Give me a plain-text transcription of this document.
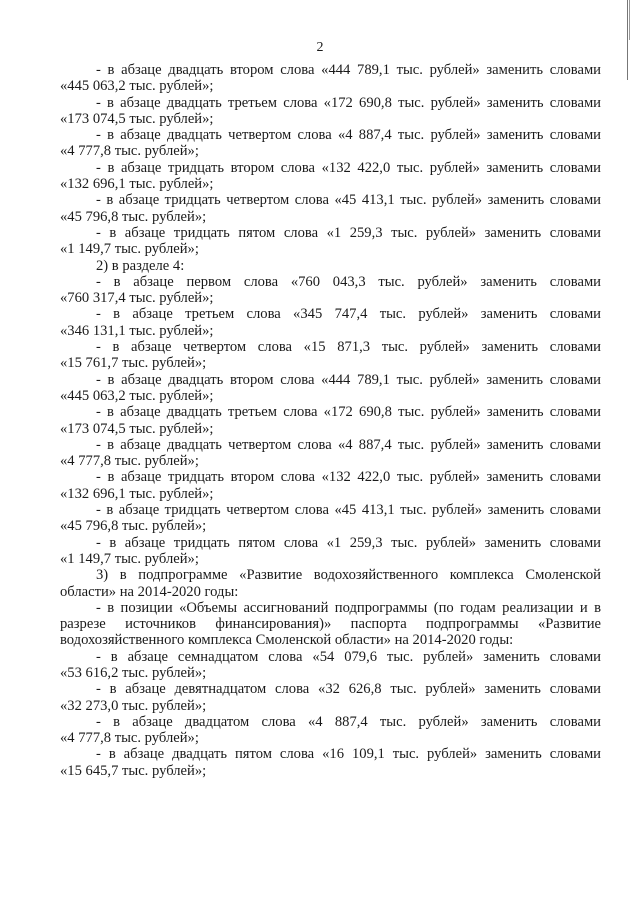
2
- в абзаце двадцать втором слова «444 789,1 тыс. рублей» заменить словами
«445 063,2 тыс. рублей»;
- в абзаце двадцать третьем слова «172 690,8 тыс. рублей» заменить словами
«173 074,5 тыс. рублей»;
- в абзаце двадцать четвертом слова «4 887,4 тыс. рублей» заменить словами
«4 777,8 тыс. рублей»;
- в абзаце тридцать втором слова «132 422,0 тыс. рублей» заменить словами
«132 696,1 тыс. рублей»;
- в абзаце тридцать четвертом слова «45 413,1 тыс. рублей» заменить словами
«45 796,8 тыс. рублей»;
- в абзаце тридцать пятом слова «1 259,3 тыс. рублей» заменить словами
«1 149,7 тыс. рублей»;
2) в разделе 4:
- в абзаце первом слова «760 043,3 тыс. рублей» заменить словами
«760 317,4 тыс. рублей»;
- в абзаце третьем слова «345 747,4 тыс. рублей» заменить словами
«346 131,1 тыс. рублей»;
- в абзаце четвертом слова «15 871,3 тыс. рублей» заменить словами
«15 761,7 тыс. рублей»;
- в абзаце двадцать втором слова «444 789,1 тыс. рублей» заменить словами
«445 063,2 тыс. рублей»;
- в абзаце двадцать третьем слова «172 690,8 тыс. рублей» заменить словами
«173 074,5 тыс. рублей»;
- в абзаце двадцать четвертом слова «4 887,4 тыс. рублей» заменить словами
«4 777,8 тыс. рублей»;
- в абзаце тридцать втором слова «132 422,0 тыс. рублей» заменить словами
«132 696,1 тыс. рублей»;
- в абзаце тридцать четвертом слова «45 413,1 тыс. рублей» заменить словами
«45 796,8 тыс. рублей»;
- в абзаце тридцать пятом слова «1 259,3 тыс. рублей» заменить словами
«1 149,7 тыс. рублей»;
3) в подпрограмме «Развитие водохозяйственного комплекса Смоленской
области» на 2014-2020 годы:
- в позиции «Объемы ассигнований подпрограммы (по годам реализации и в
разрезе источников финансирования)» паспорта подпрограммы «Развитие
водохозяйственного комплекса Смоленской области» на 2014-2020 годы:
- в абзаце семнадцатом слова «54 079,6 тыс. рублей» заменить словами
«53 616,2 тыс. рублей»;
- в абзаце девятнадцатом слова «32 626,8 тыс. рублей» заменить словами
«32 273,0 тыс. рублей»;
- в абзаце двадцатом слова «4 887,4 тыс. рублей» заменить словами
«4 777,8 тыс. рублей»;
- в абзаце двадцать пятом слова «16 109,1 тыс. рублей» заменить словами
«15 645,7 тыс. рублей»;
